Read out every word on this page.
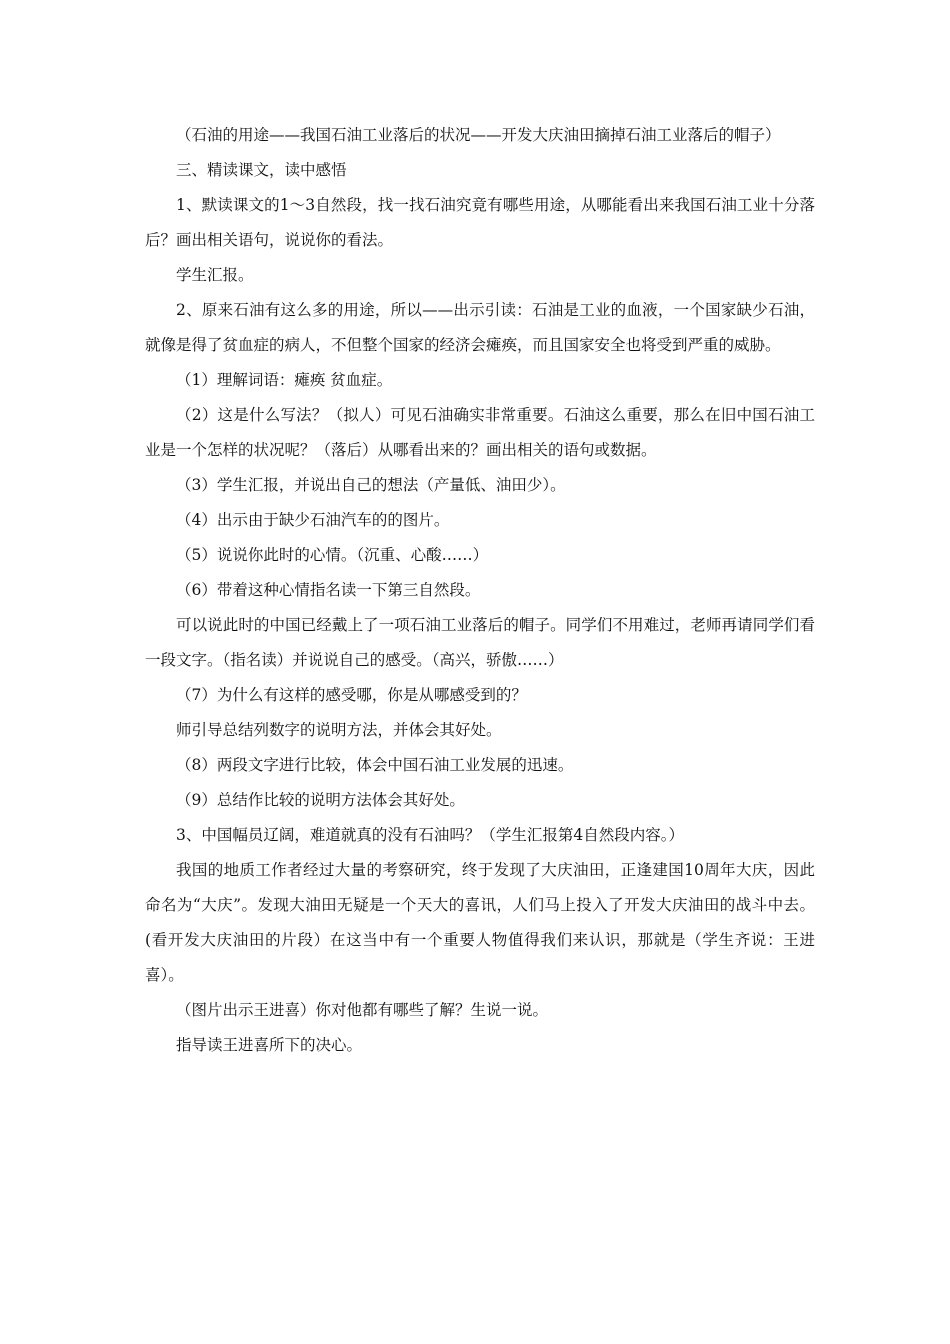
（石油的用途——我国石油工业落后的状况——开发大庆油田摘掉石油工业落后的帽子）

三、精读课文，读中感悟

1、默读课文的1～3自然段，找一找石油究竟有哪些用途，从哪能看出来我国石油工业十分落后？画出相关语句，说说你的看法。

学生汇报。

2、原来石油有这么多的用途，所以——出示引读：石油是工业的血液，一个国家缺少石油，就像是得了贫血症的病人，不但整个国家的经济会瘫痪，而且国家安全也将受到严重的威胁。

（1）理解词语：瘫痪 贫血症。

（2）这是什么写法？（拟人）可见石油确实非常重要。石油这么重要，那么在旧中国石油工业是一个怎样的状况呢？（落后）从哪看出来的？画出相关的语句或数据。

（3）学生汇报，并说出自己的想法（产量低、油田少）。

（4）出示由于缺少石油汽车的的图片。

（5）说说你此时的心情。（沉重、心酸……）

（6）带着这种心情指名读一下第三自然段。

可以说此时的中国已经戴上了一项石油工业落后的帽子。同学们不用难过，老师再请同学们看一段文字。（指名读）并说说自己的感受。（高兴，骄傲……）

（7）为什么有这样的感受哪，你是从哪感受到的？

师引导总结列数字的说明方法，并体会其好处。

（8）两段文字进行比较，体会中国石油工业发展的迅速。

（9）总结作比较的说明方法体会其好处。

3、中国幅员辽阔，难道就真的没有石油吗？（学生汇报第4自然段内容。）

我国的地质工作者经过大量的考察研究，终于发现了大庆油田，正逢建国10周年大庆，因此命名为“大庆”。发现大油田无疑是一个天大的喜讯，人们马上投入了开发大庆油田的战斗中去。(看开发大庆油田的片段）在这当中有一个重要人物值得我们来认识，那就是（学生齐说：王进喜）。

（图片出示王进喜）你对他都有哪些了解？生说一说。

指导读王进喜所下的决心。
